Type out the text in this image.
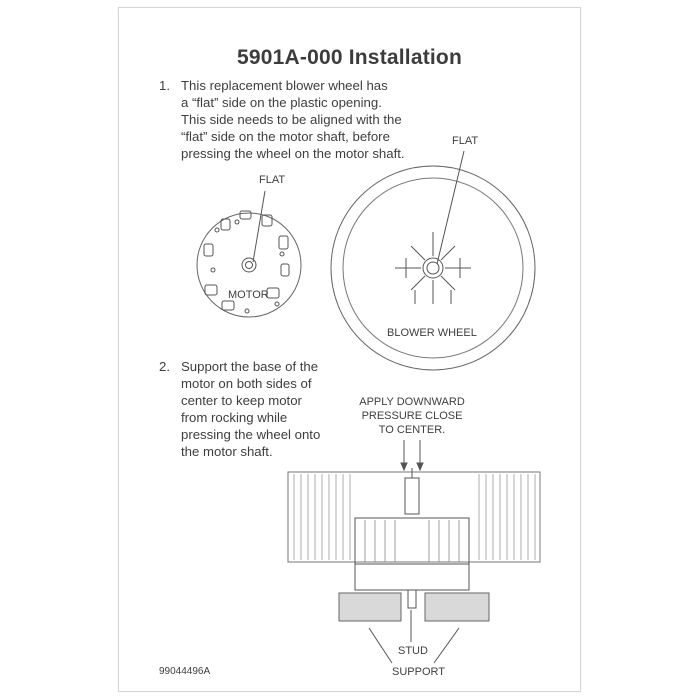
5901A-000 Installation
1. This replacement blower wheel has
a “flat” side on the plastic opening.
This side needs to be aligned with the
“flat” side on the motor shaft, before
pressing the wheel on the motor shaft.
FLAT
MOTOR
FLAT
BLOWER WHEEL
2. Support the base of the
motor on both sides of
center to keep motor
from rocking while
pressing the wheel onto
the motor shaft.
APPLY DOWNWARD
PRESSURE CLOSE
TO CENTER.
STUD
SUPPORT
99044496A
